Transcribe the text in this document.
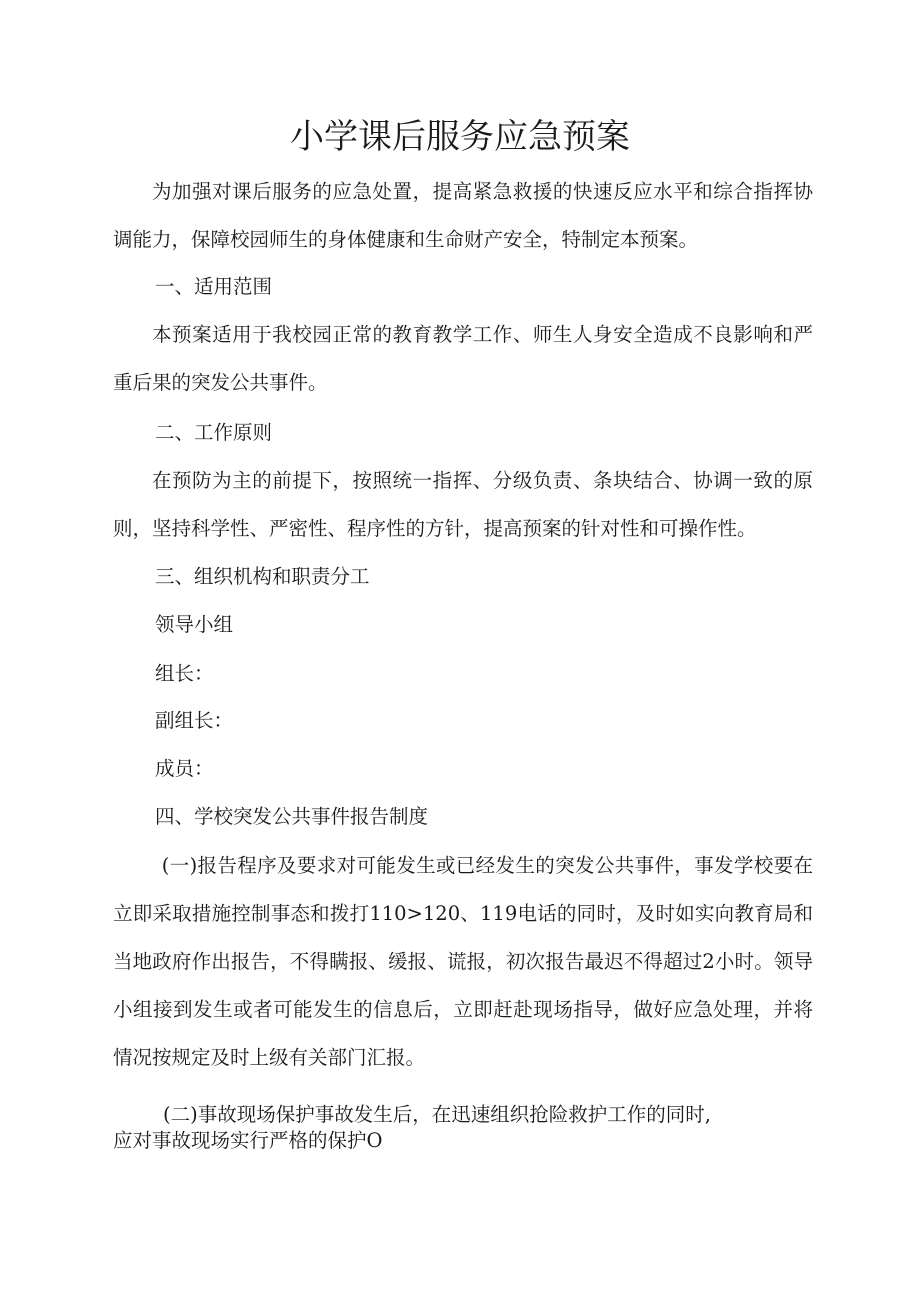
小学课后服务应急预案

为加强对课后服务的应急处置，提高紧急救援的快速反应水平和综合指挥协调能力，保障校园师生的身体健康和生命财产安全，特制定本预案。

一、适用范围

本预案适用于我校园正常的教育教学工作、师生人身安全造成不良影响和严重后果的突发公共事件。

二、工作原则

在预防为主的前提下，按照统一指挥、分级负责、条块结合、协调一致的原则，坚持科学性、严密性、程序性的方针，提高预案的针对性和可操作性。

三、组织机构和职责分工

领导小组

组长：

副组长：

成员：

四、学校突发公共事件报告制度

(一)报告程序及要求对可能发生或已经发生的突发公共事件，事发学校要在立即采取措施控制事态和拨打110>120、119电话的同时，及时如实向教育局和当地政府作出报告，不得瞒报、缓报、谎报，初次报告最迟不得超过2小时。领导小组接到发生或者可能发生的信息后，立即赶赴现场指导，做好应急处理，并将情况按规定及时上级有关部门汇报。

(二)事故现场保护事故发生后，在迅速组织抢险救护工作的同时,

应对事故现场实行严格的保护O
